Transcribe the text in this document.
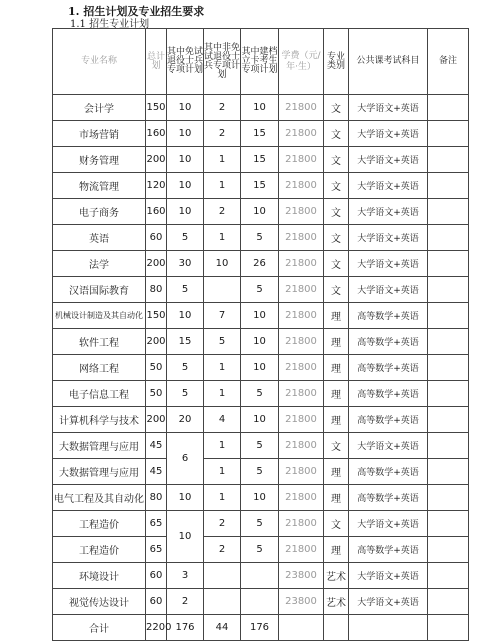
1. 招生计划及专业招生要求
1.1 招生专业计划
专业名称	总计划	其中免试退役士兵专项计划	其中非免试退役士兵专项计划	其中建档立卡考生专项计划	学费（元/年·生）	专业类别	公共课考试科目	备注
会计学	150	10	2	10	21800	文	大学语文+英语	
市场营销	160	10	2	15	21800	文	大学语文+英语	
财务管理	200	10	1	15	21800	文	大学语文+英语	
物流管理	120	10	1	15	21800	文	大学语文+英语	
电子商务	160	10	2	10	21800	文	大学语文+英语	
英语	60	5	1	5	21800	文	大学语文+英语	
法学	200	30	10	26	21800	文	大学语文+英语	
汉语国际教育	80	5		5	21800	文	大学语文+英语	
机械设计制造及其自动化	150	10	7	10	21800	理	高等数学+英语	
软件工程	200	15	5	10	21800	理	高等数学+英语	
网络工程	50	5	1	10	21800	理	高等数学+英语	
电子信息工程	50	5	1	5	21800	理	高等数学+英语	
计算机科学与技术	200	20	4	10	21800	理	高等数学+英语	
大数据管理与应用	45	6	1	5	21800	文	大学语文+英语	
大数据管理与应用	45		1	5	21800	理	高等数学+英语	
电气工程及其自动化	80	10	1	10	21800	理	高等数学+英语	
工程造价	65	10	2	5	21800	文	大学语文+英语	
工程造价	65		2	5	21800	理	高等数学+英语	
环境设计	60	3			23800	艺术	大学语文+英语	
视觉传达设计	60	2			23800	艺术	大学语文+英语	
合计	2200	176	44	176				
